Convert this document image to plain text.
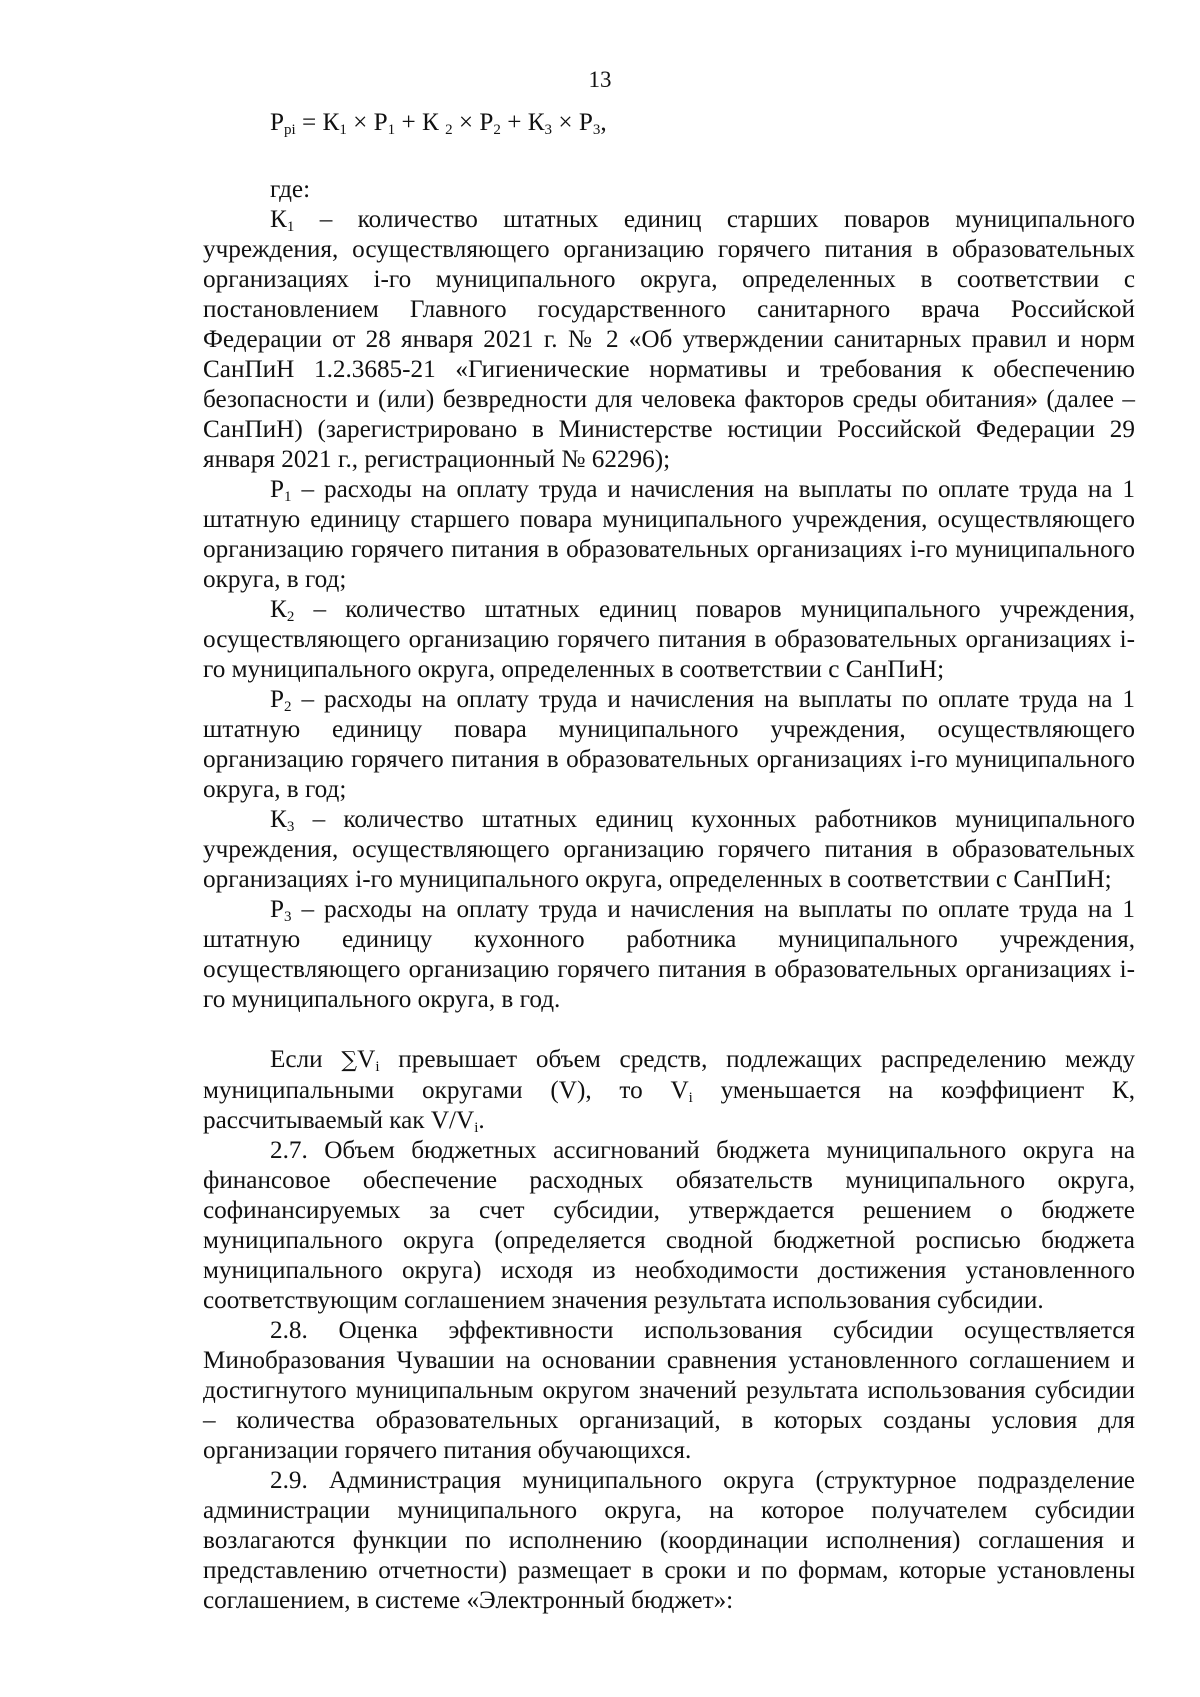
13
$P_{pi} = К_1 \times P_1 + К$ $_2 \times P_2 + К_3 \times P_3$,
где:

$К_1$ – количество штатных единиц старших поваров муниципального учреждения, осуществляющего организацию горячего питания в образовательных организациях i-го муниципального округа, определенных в соответствии с постановлением Главного государственного санитарного врача Российской Федерации от 28 января 2021 г. № 2 «Об утверждении санитарных правил и норм СанПиН 1.2.3685-21 «Гигиенические нормативы и требования к обеспечению безопасности и (или) безвредности для человека факторов среды обитания» (далее – СанПиН) (зарегистрировано в Министерстве юстиции Российской Федерации 29 января 2021 г., регистрационный № 62296);

$Р_1$ – расходы на оплату труда и начисления на выплаты по оплате труда на 1 штатную единицу старшего повара муниципального учреждения, осуществляющего организацию горячего питания в образовательных организациях i-го муниципального округа, в год;

$К_2$ – количество штатных единиц поваров муниципального учреждения, осуществляющего организацию горячего питания в образовательных организациях i-го муниципального округа, определенных в соответствии с СанПиН;

$Р_2$ – расходы на оплату труда и начисления на выплаты по оплате труда на 1 штатную единицу повара муниципального учреждения, осуществляющего организацию горячего питания в образовательных организациях i-го муниципального округа, в год;

$К_3$ – количество штатных единиц кухонных работников муниципального учреждения, осуществляющего организацию горячего питания в образовательных организациях i-го муниципального округа, определенных в соответствии с СанПиН;

$Р_3$ – расходы на оплату труда и начисления на выплаты по оплате труда на 1 штатную единицу кухонного работника муниципального учреждения, осуществляющего организацию горячего питания в образовательных организациях i-го муниципального округа, в год.

Если $\sum V_i$ превышает объем средств, подлежащих распределению между муниципальными округами (V), то $V_i$ уменьшается на коэффициент К, рассчитываемый как $V/V_i$.

2.7. Объем бюджетных ассигнований бюджета муниципального округа на финансовое обеспечение расходных обязательств муниципального округа, софинансируемых за счет субсидии, утверждается решением о бюджете муниципального округа (определяется сводной бюджетной росписью бюджета муниципального округа) исходя из необходимости достижения установленного соответствующим соглашением значения результата использования субсидии.

2.8. Оценка эффективности использования субсидии осуществляется Минобразования Чувашии на основании сравнения установленного соглашением и достигнутого муниципальным округом значений результата использования субсидии – количества образовательных организаций, в которых созданы условия для организации горячего питания обучающихся.

2.9. Администрация муниципального округа (структурное подразделение администрации муниципального округа, на которое получателем субсидии возлагаются функции по исполнению (координации исполнения) соглашения и представлению отчетности) размещает в сроки и по формам, которые установлены соглашением, в системе «Электронный бюджет»:
